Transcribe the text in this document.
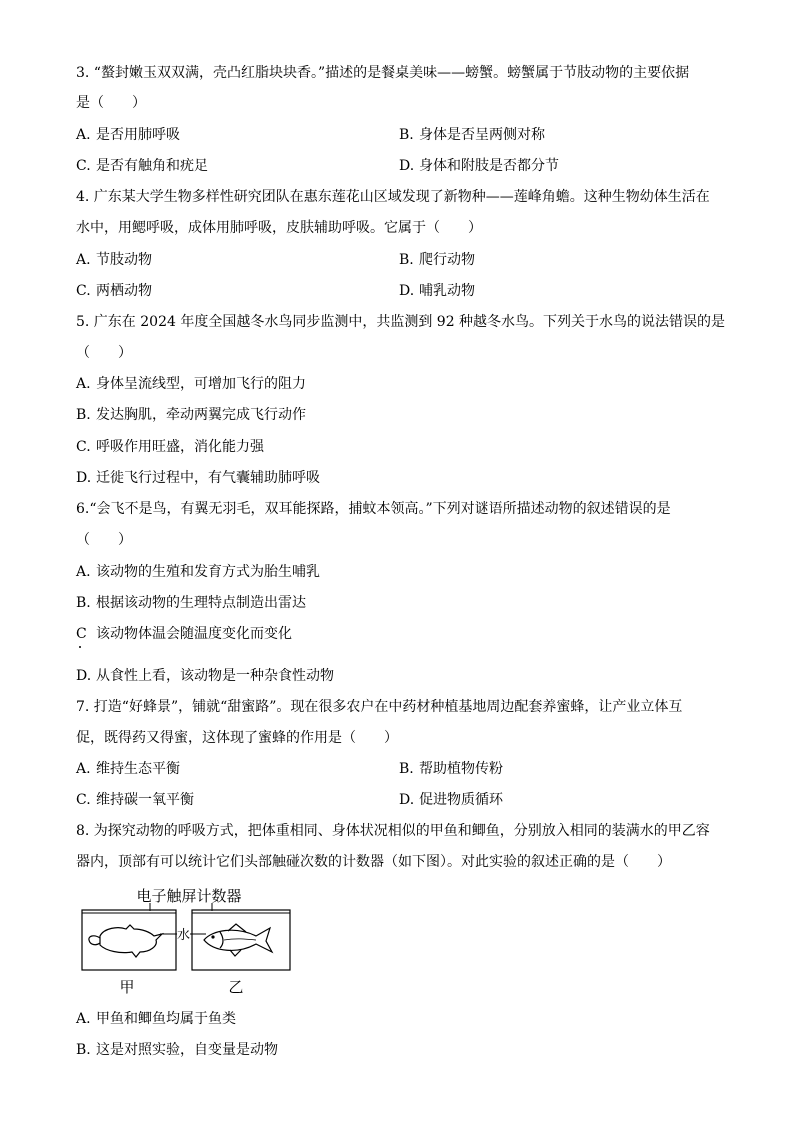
3. “螯封嫩玉双双满，壳凸红脂块块香。”描述的是餐桌美味——螃蟹。螃蟹属于节肢动物的主要依据
是（　　）
A. 是否用肺呼吸	B. 身体是否呈两侧对称
C. 是否有触角和疣足	D. 身体和附肢是否都分节
4. 广东某大学生物多样性研究团队在惠东莲花山区域发现了新物种——莲峰角蟾。这种生物幼体生活在
水中，用鳃呼吸，成体用肺呼吸，皮肤辅助呼吸。它属于（　　）
A. 节肢动物	B. 爬行动物
C. 两栖动物	D. 哺乳动物
5. 广东在 2024 年度全国越冬水鸟同步监测中，共监测到 92 种越冬水鸟。下列关于水鸟的说法错误的是
（　　）
A. 身体呈流线型，可增加飞行的阻力
B. 发达胸肌，牵动两翼完成飞行动作
C. 呼吸作用旺盛，消化能力强
D. 迁徙飞行过程中，有气囊辅助肺呼吸
6.“会飞不是鸟，有翼无羽毛，双耳能探路，捕蚊本领高。”下列对谜语所描述动物的叙述错误的是
（　　）
A. 该动物的生殖和发育方式为胎生哺乳
B. 根据该动物的生理特点制造出雷达
C 该动物体温会随温度变化而变化
D. 从食性上看，该动物是一种杂食性动物
7. 打造“好蜂景”，铺就“甜蜜路”。现在很多农户在中药材种植基地周边配套养蜜蜂，让产业立体互
促，既得药又得蜜，这体现了蜜蜂的作用是（　　）
A. 维持生态平衡	B. 帮助植物传粉
C. 维持碳一氧平衡	D. 促进物质循环
8. 为探究动物的呼吸方式，把体重相同、身体状况相似的甲鱼和鲫鱼，分别放入相同的装满水的甲乙容
器内，顶部有可以统计它们头部触碰次数的计数器（如下图）。对此实验的叙述正确的是（　　）
电子触屏计数器
水
甲	乙
A. 甲鱼和鲫鱼均属于鱼类
B. 这是对照实验，自变量是动物
